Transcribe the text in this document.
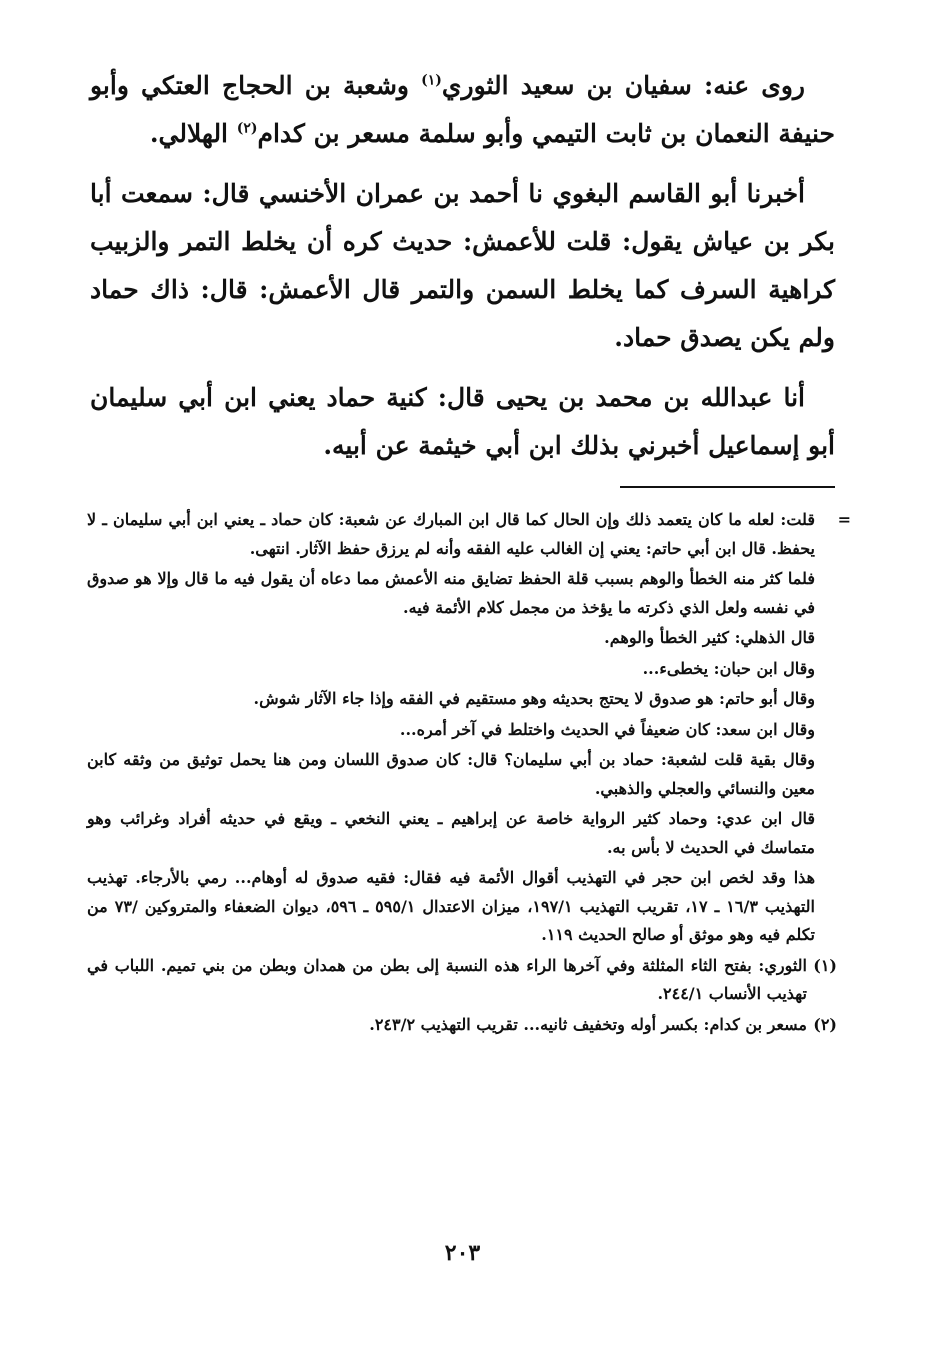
روى عنه: سفيان بن سعيد الثوري$^{(١)}$ وشعبة بن الحجاج العتكي وأبو حنيفة النعمان بن ثابت التيمي وأبو سلمة مسعر بن كدام$^{(٢)}$ الهلالي.

أخبرنا أبو القاسم البغوي نا أحمد بن عمران الأخنسي قال: سمعت أبا بكر بن عياش يقول: قلت للأعمش: حديث كره أن يخلط التمر والزبيب كراهية السرف كما يخلط السمن والتمر قال الأعمش: قال: ذاك حماد ولم يكن يصدق حماد.

أنا عبدالله بن محمد بن يحيى قال: كنية حماد يعني ابن أبي سليمان أبو إسماعيل أخبرني بذلك ابن أبي خيثمة عن أبيه.

=
قلت: لعله ما كان يتعمد ذلك وإن الحال كما قال ابن المبارك عن شعبة: كان حماد ـ يعني ابن أبي سليمان ـ لا يحفظ. قال ابن أبي حاتم: يعني إن الغالب عليه الفقه وأنه لم يرزق حفظ الآثار. انتهى.
فلما كثر منه الخطأ والوهم بسبب قلة الحفظ تضايق منه الأعمش مما دعاه أن يقول فيه ما قال وإلا هو صدوق في نفسه ولعل الذي ذكرته ما يؤخذ من مجمل كلام الأئمة فيه.
قال الذهلي: كثير الخطأ والوهم.
وقال ابن حبان: يخطىء...
وقال أبو حاتم: هو صدوق لا يحتج بحديثه وهو مستقيم في الفقه وإذا جاء الآثار شوش.
وقال ابن سعد: كان ضعيفاً في الحديث واختلط في آخر أمره...
وقال بقية قلت لشعبة: حماد بن أبي سليمان؟ قال: كان صدوق اللسان ومن هنا يحمل توثيق من وثقه كابن معين والنسائي والعجلي والذهبي.
قال ابن عدي: وحماد كثير الرواية خاصة عن إبراهيم ـ يعني النخعي ـ ويقع في حديثه أفراد وغرائب وهو متماسك في الحديث لا بأس به.
هذا وقد لخص ابن حجر في التهذيب أقوال الأئمة فيه فقال: فقيه صدوق له أوهام... رمي بالأرجاء. تهذيب التهذيب ١٦/٣ ـ ١٧، تقريب التهذيب ١٩٧/١، ميزان الاعتدال ٥٩٥/١ ـ ٥٩٦، ديوان الضعفاء والمتروكين /٧٣ من تكلم فيه وهو موثق أو صالح الحديث ١١٩.
(١)
الثوري: بفتح الثاء المثلثة وفي آخرها الراء هذه النسبة إلى بطن من همدان وبطن من بني تميم. اللباب في تهذيب الأنساب ٢٤٤/١.
(٢)
مسعر بن كدام: بكسر أوله وتخفيف ثانيه... تقريب التهذيب ٢٤٣/٢.
٢٠٣
